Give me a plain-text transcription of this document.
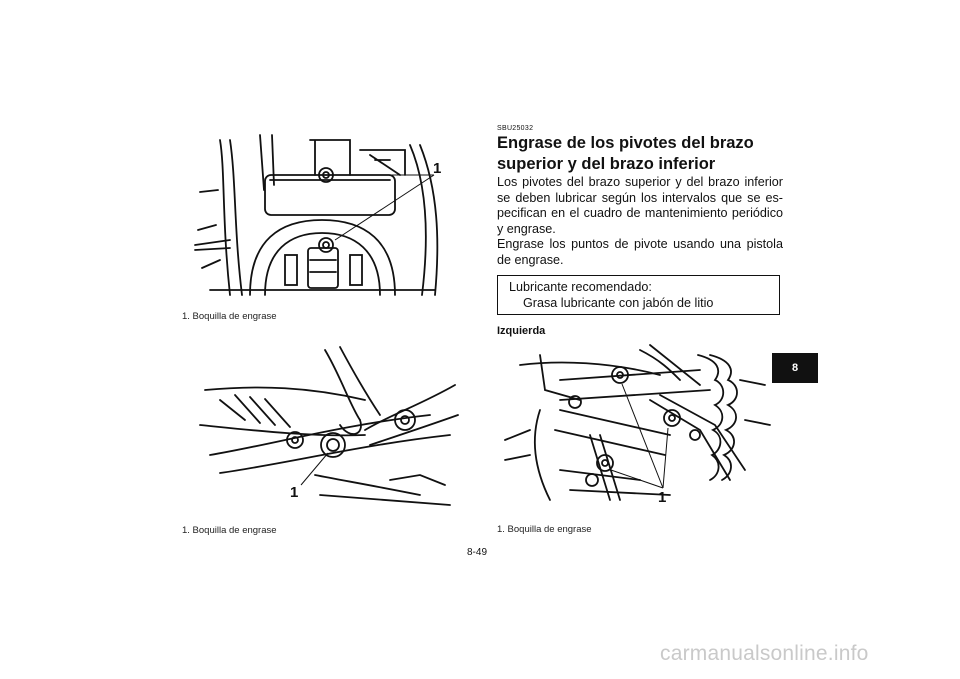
1
1. Boquilla de engrase
1
1. Boquilla de engrase
SBU25032
Engrase de los pivotes del brazo superior y del brazo inferior

Los pivotes del brazo superior y del brazo inferior se deben lubricar según los intervalos que se es-pecifican en el cuadro de mantenimiento periódico y engrase.

Engrase los puntos de pivote usando una pistola de engrase.

Lubricante recomendado:
Grasa lubricante con jabón de litio
Izquierda
1
1. Boquilla de engrase
8-49
8
carmanualsonline.info
